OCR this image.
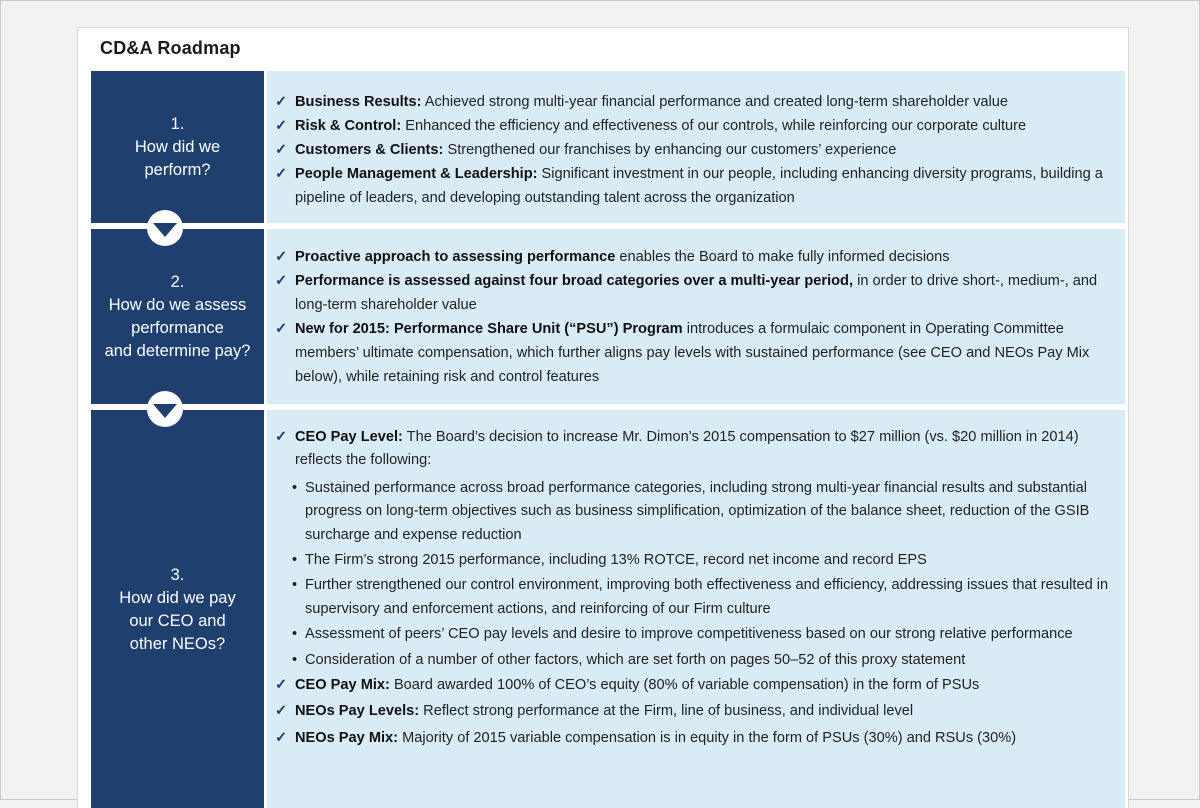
CD&A Roadmap
1.
How did we
perform?
✓ Business Results: Achieved strong multi-year financial performance and created long-term shareholder value
✓ Risk & Control: Enhanced the efficiency and effectiveness of our controls, while reinforcing our corporate culture
✓ Customers & Clients: Strengthened our franchises by enhancing our customers’ experience
✓ People Management & Leadership: Significant investment in our people, including enhancing diversity programs, building a pipeline of leaders, and developing outstanding talent across the organization
2.
How do we assess
performance
and determine pay?
✓ Proactive approach to assessing performance enables the Board to make fully informed decisions
✓ Performance is assessed against four broad categories over a multi-year period, in order to drive short-, medium-, and long-term shareholder value
✓ New for 2015: Performance Share Unit (“PSU”) Program introduces a formulaic component in Operating Committee members’ ultimate compensation, which further aligns pay levels with sustained performance (see CEO and NEOs Pay Mix below), while retaining risk and control features
3.
How did we pay
our CEO and
other NEOs?
✓ CEO Pay Level: The Board’s decision to increase Mr. Dimon’s 2015 compensation to $27 million (vs. $20 million in 2014) reflects the following:
• Sustained performance across broad performance categories, including strong multi-year financial results and substantial progress on long-term objectives such as business simplification, optimization of the balance sheet, reduction of the GSIB surcharge and expense reduction
• The Firm’s strong 2015 performance, including 13% ROTCE, record net income and record EPS
• Further strengthened our control environment, improving both effectiveness and efficiency, addressing issues that resulted in supervisory and enforcement actions, and reinforcing of our Firm culture
• Assessment of peers’ CEO pay levels and desire to improve competitiveness based on our strong relative performance
• Consideration of a number of other factors, which are set forth on pages 50–52 of this proxy statement
✓ CEO Pay Mix: Board awarded 100% of CEO’s equity (80% of variable compensation) in the form of PSUs
✓ NEOs Pay Levels: Reflect strong performance at the Firm, line of business, and individual level
✓ NEOs Pay Mix: Majority of 2015 variable compensation is in equity in the form of PSUs (30%) and RSUs (30%)
